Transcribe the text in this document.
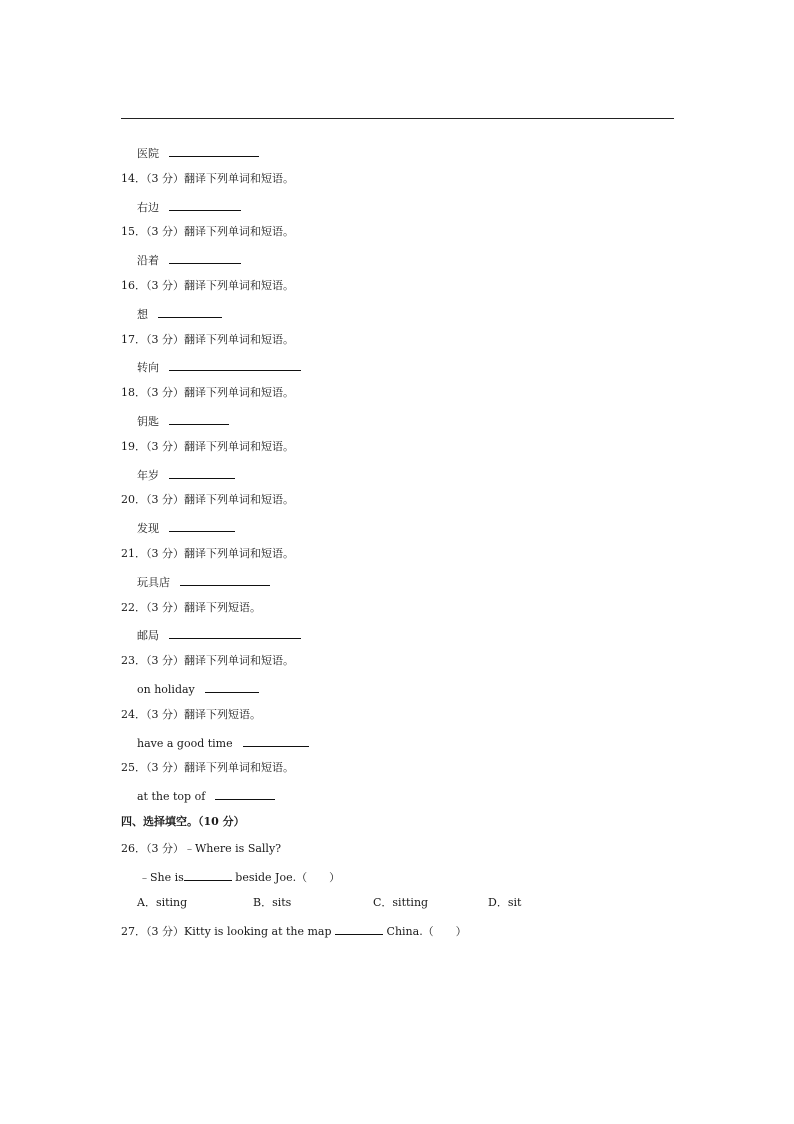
医院
14．（3 分）翻译下列单词和短语。
右边
15．（3 分）翻译下列单词和短语。
沿着
16．（3 分）翻译下列单词和短语。
想
17．（3 分）翻译下列单词和短语。
转向
18．（3 分）翻译下列单词和短语。
钥匙
19．（3 分）翻译下列单词和短语。
年岁
20．（3 分）翻译下列单词和短语。
发现
21．（3 分）翻译下列单词和短语。
玩具店
22．（3 分）翻译下列短语。
邮局
23．（3 分）翻译下列单词和短语。
on holiday
24．（3 分）翻译下列短语。
have a good time
25．（3 分）翻译下列单词和短语。
at the top of
四、选择填空。（10 分）
26．（3 分）﹣Where is Sally?
﹣She is	beside Joe.（　　）
A．siting	B．sits	C．sitting	D．sit
27．（3 分）Kitty is looking at the map	China.（　　）
